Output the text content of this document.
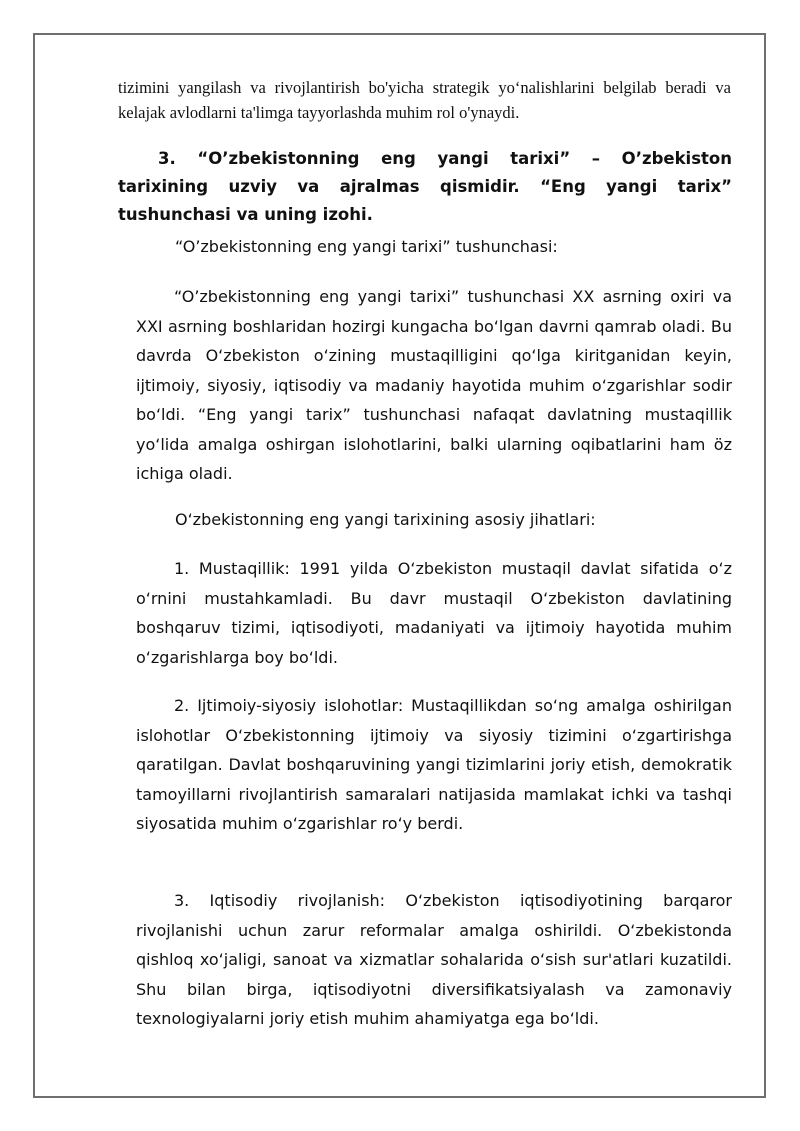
tizimini yangilash va rivojlantirish bo'yicha strategik yo‘nalishlarini belgilab beradi va kelajak avlodlarni ta'limga tayyorlashda muhim rol o'ynaydi.

3. “O’zbekistonning eng yangi tarixi” – O’zbekiston tarixining uzviy va ajralmas qismidir. “Eng yangi tarix” tushunchasi va uning izohi.

“O’zbekistonning eng yangi tarixi” tushunchasi:

“O’zbekistonning eng yangi tarixi” tushunchasi XX asrning oxiri va XXI asrning boshlaridan hozirgi kungacha bo‘lgan davrni qamrab oladi. Bu davrda O‘zbekiston o‘zining mustaqilligini qo‘lga kiritganidan keyin, ijtimoiy, siyosiy, iqtisodiy va madaniy hayotida muhim o‘zgarishlar sodir bo‘ldi. “Eng yangi tarix” tushunchasi nafaqat davlatning mustaqillik yo‘lida amalga oshirgan islohotlarini, balki ularning oqibatlarini ham öz ichiga oladi.

O‘zbekistonning eng yangi tarixining asosiy jihatlari:

1. Mustaqillik: 1991 yilda O‘zbekiston mustaqil davlat sifatida o‘z o‘rnini mustahkamladi. Bu davr mustaqil O‘zbekiston davlatining boshqaruv tizimi, iqtisodiyoti, madaniyati va ijtimoiy hayotida muhim o‘zgarishlarga boy bo‘ldi.

2. Ijtimoiy-siyosiy islohotlar: Mustaqillikdan so‘ng amalga oshirilgan islohotlar O‘zbekistonning ijtimoiy va siyosiy tizimini o‘zgartirishga qaratilgan. Davlat boshqaruvining yangi tizimlarini joriy etish, demokratik tamoyillarni rivojlantirish samaralari natijasida mamlakat ichki va tashqi siyosatida muhim o‘zgarishlar ro‘y berdi.

3. Iqtisodiy rivojlanish: O‘zbekiston iqtisodiyotining barqaror rivojlanishi uchun zarur reformalar amalga oshirildi. O‘zbekistonda qishloq xo‘jaligi, sanoat va xizmatlar sohalarida o‘sish sur'atlari kuzatildi. Shu bilan birga, iqtisodiyotni diversifikatsiyalash va zamonaviy texnologiyalarni joriy etish muhim ahamiyatga ega bo‘ldi.
